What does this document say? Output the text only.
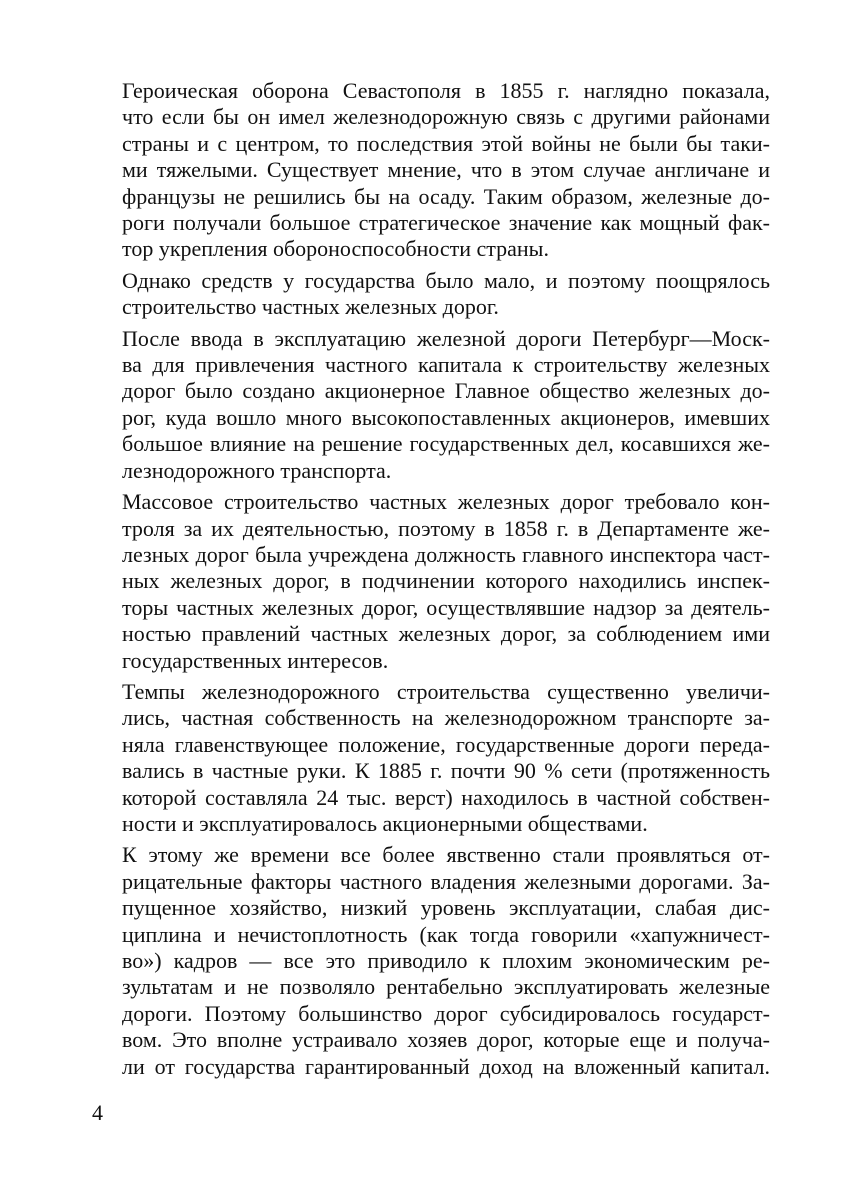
Героическая оборона Севастополя в 1855 г. наглядно показала,
что если бы он имел железнодорожную связь с другими районами
страны и с центром, то последствия этой войны не были бы таки-
ми тяжелыми. Существует мнение, что в этом случае англичане и
французы не решились бы на осаду. Таким образом, железные до-
роги получали большое стратегическое значение как мощный фак-
тор укрепления обороноспособности страны.
Однако средств у государства было мало, и поэтому поощрялось
строительство частных железных дорог.
После ввода в эксплуатацию железной дороги Петербург—Моск-
ва для привлечения частного капитала к строительству железных
дорог было создано акционерное Главное общество железных до-
рог, куда вошло много высокопоставленных акционеров, имевших
большое влияние на решение государственных дел, косавшихся же-
лезнодорожного транспорта.
Массовое строительство частных железных дорог требовало кон-
троля за их деятельностью, поэтому в 1858 г. в Департаменте же-
лезных дорог была учреждена должность главного инспектора част-
ных железных дорог, в подчинении которого находились инспек-
торы частных железных дорог, осуществлявшие надзор за деятель-
ностью правлений частных железных дорог, за соблюдением ими
государственных интересов.
Темпы железнодорожного строительства существенно увеличи-
лись, частная собственность на железнодорожном транспорте за-
няла главенствующее положение, государственные дороги переда-
вались в частные руки. К 1885 г. почти 90 % сети (протяженность
которой составляла 24 тыс. верст) находилось в частной собствен-
ности и эксплуатировалось акционерными обществами.
К этому же времени все более явственно стали проявляться от-
рицательные факторы частного владения железными дорогами. За-
пущенное хозяйство, низкий уровень эксплуатации, слабая дис-
циплина и нечистоплотность (как тогда говорили «хапужничест-
во») кадров — все это приводило к плохим экономическим ре-
зультатам и не позволяло рентабельно эксплуатировать железные
дороги. Поэтому большинство дорог субсидировалось государст-
вом. Это вполне устраивало хозяев дорог, которые еще и получа-
ли от государства гарантированный доход на вложенный капитал.
4
